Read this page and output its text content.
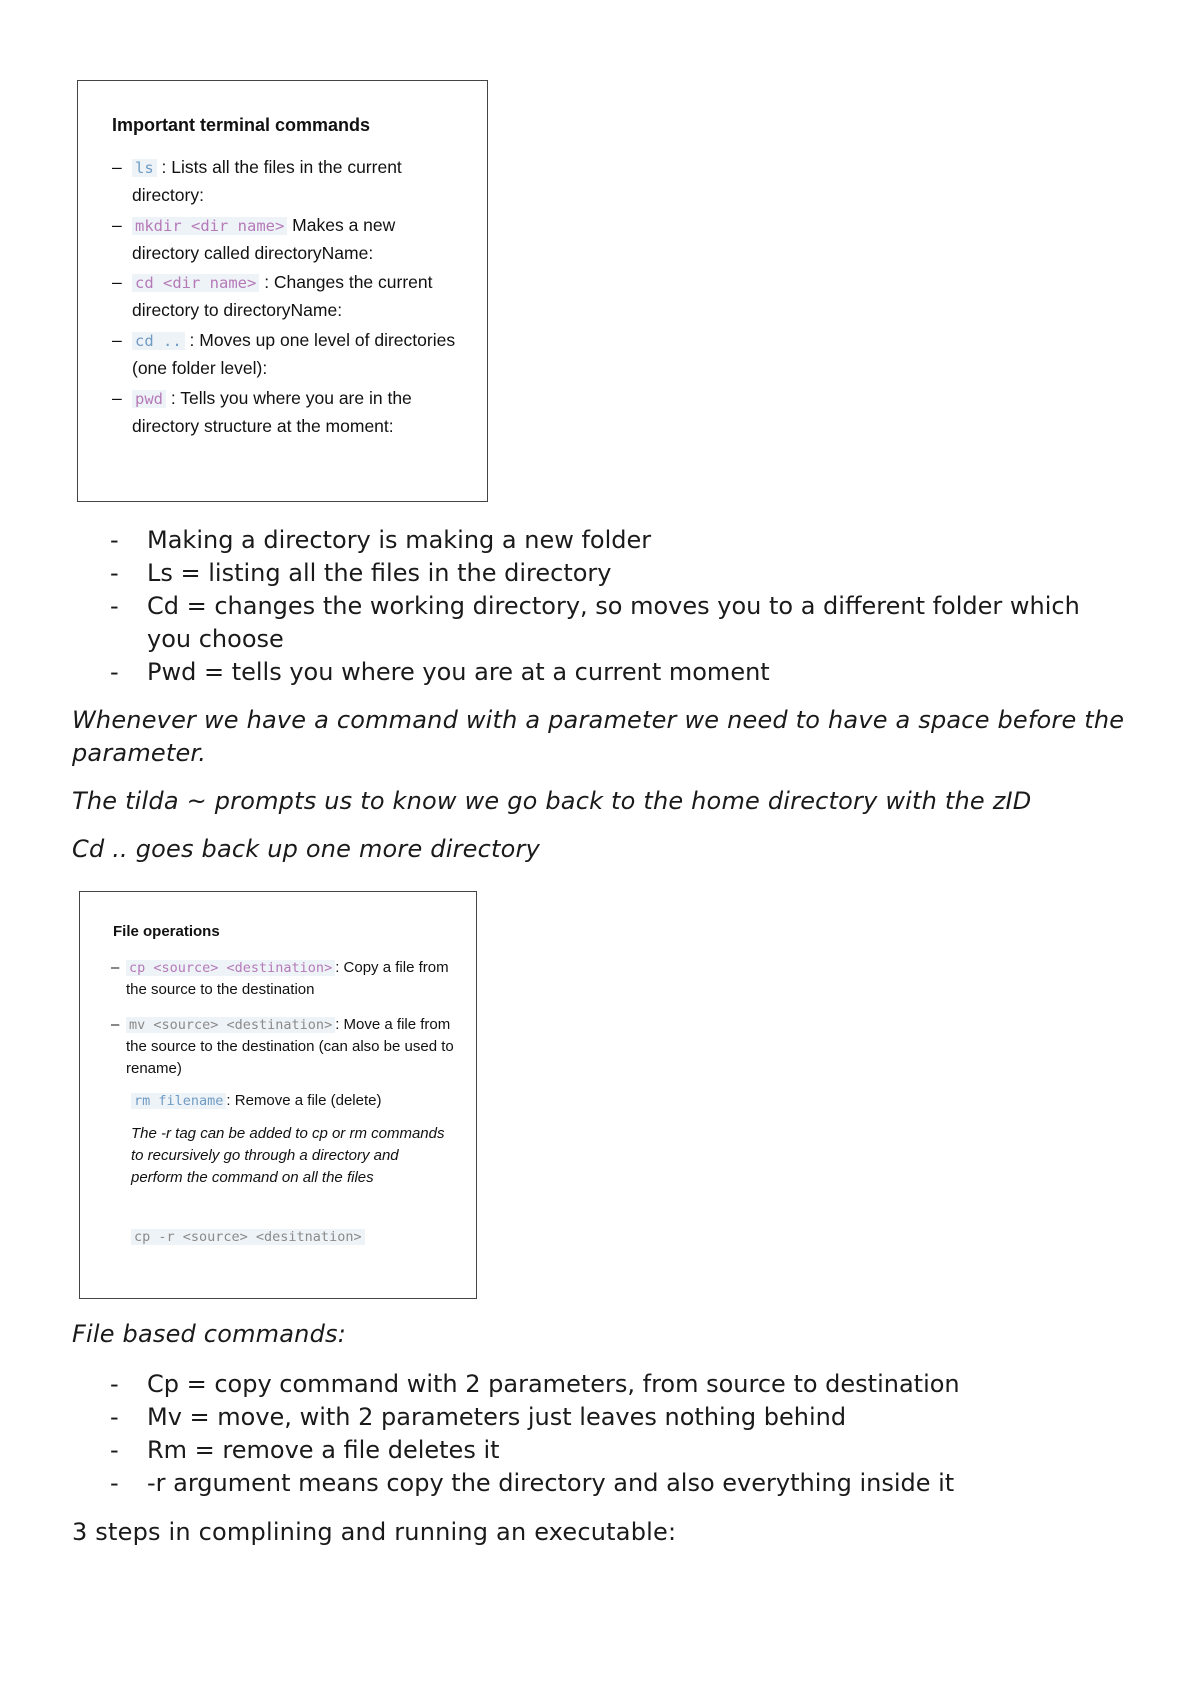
Important terminal commands
– ls : Lists all the files in the current directory:
– mkdir <dir name> Makes a new directory called directoryName:
– cd <dir name> : Changes the current directory to directoryName:
– cd .. : Moves up one level of directories (one folder level):
– pwd : Tells you where you are in the directory structure at the moment:
- Making a directory is making a new folder
- Ls = listing all the files in the directory
- Cd = changes the working directory, so moves you to a different folder which you choose
- Pwd = tells you where you are at a current moment
Whenever we have a command with a parameter we need to have a space before the parameter.
The tilda ~ prompts us to know we go back to the home directory with the zID
Cd .. goes back up one more directory
File operations
– cp <source> <destination> : Copy a file from the source to the destination
– mv <source> <destination> : Move a file from the source to the destination (can also be used to rename)
rm filename : Remove a file (delete)
The -r tag can be added to cp or rm commands to recursively go through a directory and perform the command on all the files
cp -r <source> <desitnation>
File based commands:
- Cp = copy command with 2 parameters, from source to destination
- Mv = move, with 2 parameters just leaves nothing behind
- Rm = remove a file deletes it
- -r argument means copy the directory and also everything inside it
3 steps in complining and running an executable:
